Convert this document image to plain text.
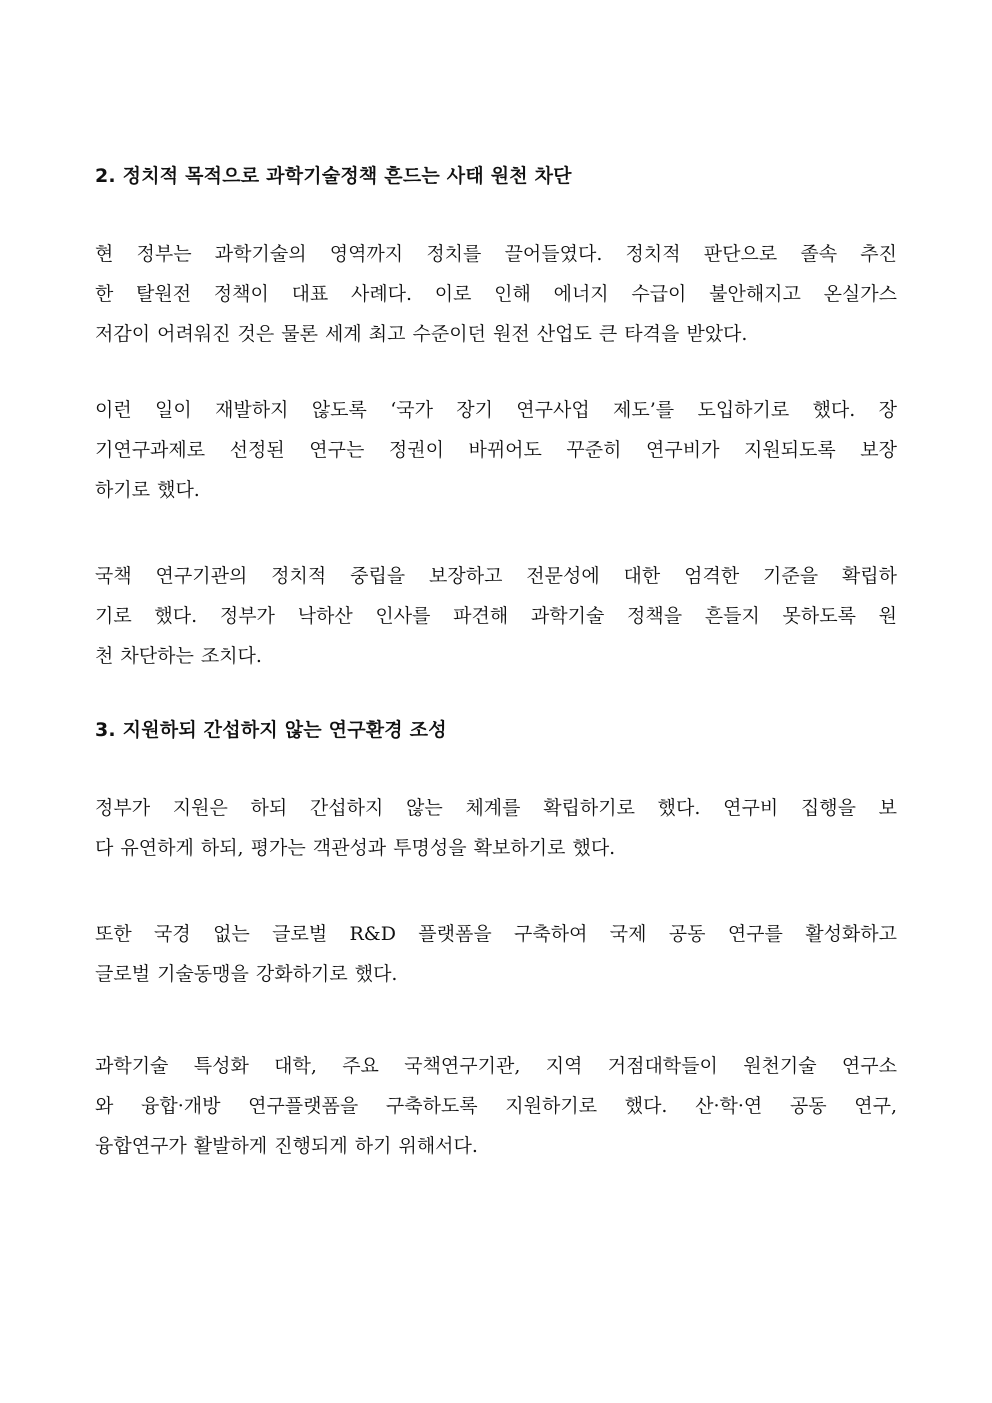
2. 정치적 목적으로 과학기술정책 흔드는 사태 원천 차단

현 정부는 과학기술의 영역까지 정치를 끌어들였다. 정치적 판단으로 졸속 추진
한 탈원전 정책이 대표 사례다. 이로 인해 에너지 수급이 불안해지고 온실가스
저감이 어려워진 것은 물론 세계 최고 수준이던 원전 산업도 큰 타격을 받았다.

이런 일이 재발하지 않도록 ‘국가 장기 연구사업 제도’를 도입하기로 했다. 장
기연구과제로 선정된 연구는 정권이 바뀌어도 꾸준히 연구비가 지원되도록 보장
하기로 했다.

국책 연구기관의 정치적 중립을 보장하고 전문성에 대한 엄격한 기준을 확립하
기로 했다. 정부가 낙하산 인사를 파견해 과학기술 정책을 흔들지 못하도록 원
천 차단하는 조치다.

3. 지원하되 간섭하지 않는 연구환경 조성

정부가 지원은 하되 간섭하지 않는 체계를 확립하기로 했다. 연구비 집행을 보
다 유연하게 하되, 평가는 객관성과 투명성을 확보하기로 했다.

또한 국경 없는 글로벌 R&D 플랫폼을 구축하여 국제 공동 연구를 활성화하고
글로벌 기술동맹을 강화하기로 했다.

과학기술 특성화 대학, 주요 국책연구기관, 지역 거점대학들이 원천기술 연구소
와 융합·개방 연구플랫폼을 구축하도록 지원하기로 했다. 산·학·연 공동 연구,
융합연구가 활발하게 진행되게 하기 위해서다.
